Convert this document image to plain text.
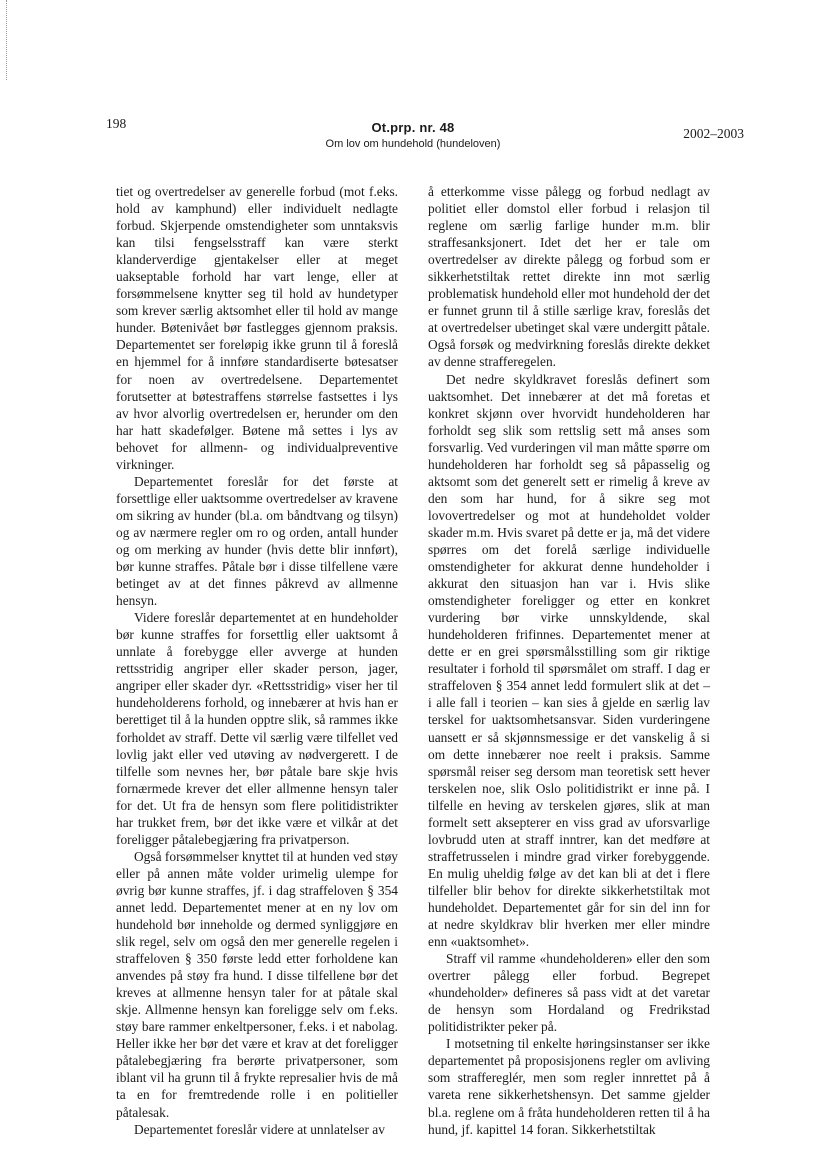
198	Ot.prp. nr. 48
Om lov om hundehold (hundeloven)
2002–2003

tiet og overtredelser av generelle forbud (mot f.eks. hold av kamphund) eller individuelt nedlagte forbud. Skjerpende omstendigheter som unntaksvis kan tilsi fengselsstraff kan være sterkt klanderverdige gjentakelser eller at meget uakseptable forhold har vart lenge, eller at forsømmelsene knytter seg til hold av hundetyper som krever særlig aktsomhet eller til hold av mange hunder. Bøtenivået bør fastlegges gjennom praksis. Departementet ser foreløpig ikke grunn til å foreslå en hjemmel for å innføre standardiserte bøtesatser for noen av overtredelsene. Departementet forutsetter at bøtestraffens størrelse fastsettes i lys av hvor alvorlig overtredelsen er, herunder om den har hatt skadefølger. Bøtene må settes i lys av behovet for allmenn- og individualpreventive virkninger.

Departementet foreslår for det første at forsettlige eller uaktsomme overtredelser av kravene om sikring av hunder (bl.a. om båndtvang og tilsyn) og av nærmere regler om ro og orden, antall hunder og om merking av hunder (hvis dette blir innført), bør kunne straffes. Påtale bør i disse tilfellene være betinget av at det finnes påkrevd av allmenne hensyn.

Videre foreslår departementet at en hundeholder bør kunne straffes for forsettlig eller uaktsomt å unnlate å forebygge eller avverge at hunden rettsstridig angriper eller skader person, jager, angriper eller skader dyr. «Rettsstridig» viser her til hundeholderens forhold, og innebærer at hvis han er berettiget til å la hunden opptre slik, så rammes ikke forholdet av straff. Dette vil særlig være tilfellet ved lovlig jakt eller ved utøving av nødvergerett. I de tilfelle som nevnes her, bør påtale bare skje hvis fornærmede krever det eller allmenne hensyn taler for det. Ut fra de hensyn som flere politidistrikter har trukket frem, bør det ikke være et vilkår at det foreligger påtalebegjæring fra privatperson.

Også forsømmelser knyttet til at hunden ved støy eller på annen måte volder urimelig ulempe for øvrig bør kunne straffes, jf. i dag straffeloven § 354 annet ledd. Departementet mener at en ny lov om hundehold bør inneholde og dermed synliggjøre en slik regel, selv om også den mer generelle regelen i straffeloven § 350 første ledd etter forholdene kan anvendes på støy fra hund. I disse tilfellene bør det kreves at allmenne hensyn taler for at påtale skal skje. Allmenne hensyn kan foreligge selv om f.eks. støy bare rammer enkeltpersoner, f.eks. i et nabolag. Heller ikke her bør det være et krav at det foreligger påtalebegjæring fra berørte privatpersoner, som iblant vil ha grunn til å frykte represalier hvis de må ta en for fremtredende rolle i en politieller påtalesak.

Departementet foreslår videre at unnlatelser av

å etterkomme visse pålegg og forbud nedlagt av politiet eller domstol eller forbud i relasjon til reglene om særlig farlige hunder m.m. blir straffesanksjonert. Idet det her er tale om overtredelser av direkte pålegg og forbud som er sikkerhetstiltak rettet direkte inn mot særlig problematisk hundehold eller mot hundehold der det er funnet grunn til å stille særlige krav, foreslås det at overtredelser ubetinget skal være undergitt påtale. Også forsøk og medvirkning foreslås direkte dekket av denne strafferegelen.

Det nedre skyldkravet foreslås definert som uaktsomhet. Det innebærer at det må foretas et konkret skjønn over hvorvidt hundeholderen har forholdt seg slik som rettslig sett må anses som forsvarlig. Ved vurderingen vil man måtte spørre om hundeholderen har forholdt seg så påpasselig og aktsomt som det generelt sett er rimelig å kreve av den som har hund, for å sikre seg mot lovovertredelser og mot at hundeholdet volder skader m.m. Hvis svaret på dette er ja, må det videre spørres om det forelå særlige individuelle omstendigheter for akkurat denne hundeholder i akkurat den situasjon han var i. Hvis slike omstendigheter foreligger og etter en konkret vurdering bør virke unnskyldende, skal hundeholderen frifinnes. Departementet mener at dette er en grei spørsmålsstilling som gir riktige resultater i forhold til spørsmålet om straff. I dag er straffeloven § 354 annet ledd formulert slik at det – i alle fall i teorien – kan sies å gjelde en særlig lav terskel for uaktsomhetsansvar. Siden vurderingene uansett er så skjønnsmessige er det vanskelig å si om dette innebærer noe reelt i praksis. Samme spørsmål reiser seg dersom man teoretisk sett hever terskelen noe, slik Oslo politidistrikt er inne på. I tilfelle en heving av terskelen gjøres, slik at man formelt sett aksepterer en viss grad av uforsvarlige lovbrudd uten at straff inntrer, kan det medføre at straffetrusselen i mindre grad virker forebyggende. En mulig uheldig følge av det kan bli at det i flere tilfeller blir behov for direkte sikkerhetstiltak mot hundeholdet. Departementet går for sin del inn for at nedre skyldkrav blir hverken mer eller mindre enn «uaktsomhet».

Straff vil ramme «hundeholderen» eller den som overtrer pålegg eller forbud. Begrepet «hundeholder» defineres så pass vidt at det varetar de hensyn som Hordaland og Fredrikstad politidistrikter peker på.

I motsetning til enkelte høringsinstanser ser ikke departementet på proposisjonens regler om avliving som straffereglér, men som regler innrettet på å vareta rene sikkerhetshensyn. Det samme gjelder bl.a. reglene om å fråta hundeholderen retten til å ha hund, jf. kapittel 14 foran. Sikkerhetstiltak
